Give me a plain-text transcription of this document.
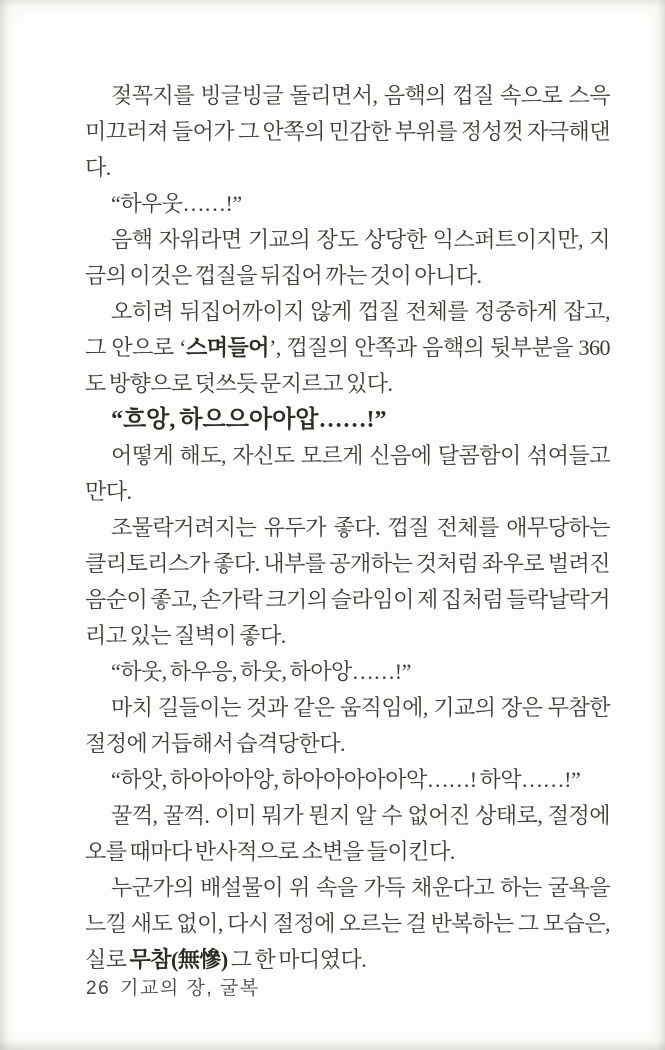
젖꼭지를 빙글빙글 돌리면서, 음핵의 껍질 속으로 스윽 미끄러져 들어가 그 안쪽의 민감한 부위를 정성껏 자극해댄다.

“하우웃……!”

음핵 자위라면 기교의 장도 상당한 익스퍼트이지만, 지금의 이것은 껍질을 뒤집어 까는 것이 아니다.

오히려 뒤집어까이지 않게 껍질 전체를 정중하게 잡고, 그 안으로 ‘스며들어’, 껍질의 안쪽과 음핵의 뒷부분을 360도 방향으로 덧쓰듯 문지르고 있다.

“흐앙, 하으으아아압……!”

어떻게 해도, 자신도 모르게 신음에 달콤함이 섞여들고 만다.

조물락거려지는 유두가 좋다. 껍질 전체를 애무당하는 클리토리스가 좋다. 내부를 공개하는 것처럼 좌우로 벌려진 음순이 좋고, 손가락 크기의 슬라임이 제 집처럼 들락날락거리고 있는 질벽이 좋다.

“하웃, 하우응, 하웃, 하아앙……!”

마치 길들이는 것과 같은 움직임에, 기교의 장은 무참한 절정에 거듭해서 습격당한다.

“하앗, 하아아아앙, 하아아아아아악……! 하악……!”

꿀꺽, 꿀꺽. 이미 뭐가 뭔지 알 수 없어진 상태로, 절정에 오를 때마다 반사적으로 소변을 들이킨다.

누군가의 배설물이 위 속을 가득 채운다고 하는 굴욕을 느낄 새도 없이, 다시 절정에 오르는 걸 반복하는 그 모습은, 실로 무참(無慘) 그 한 마디였다.

26 기교의 장, 굴복
